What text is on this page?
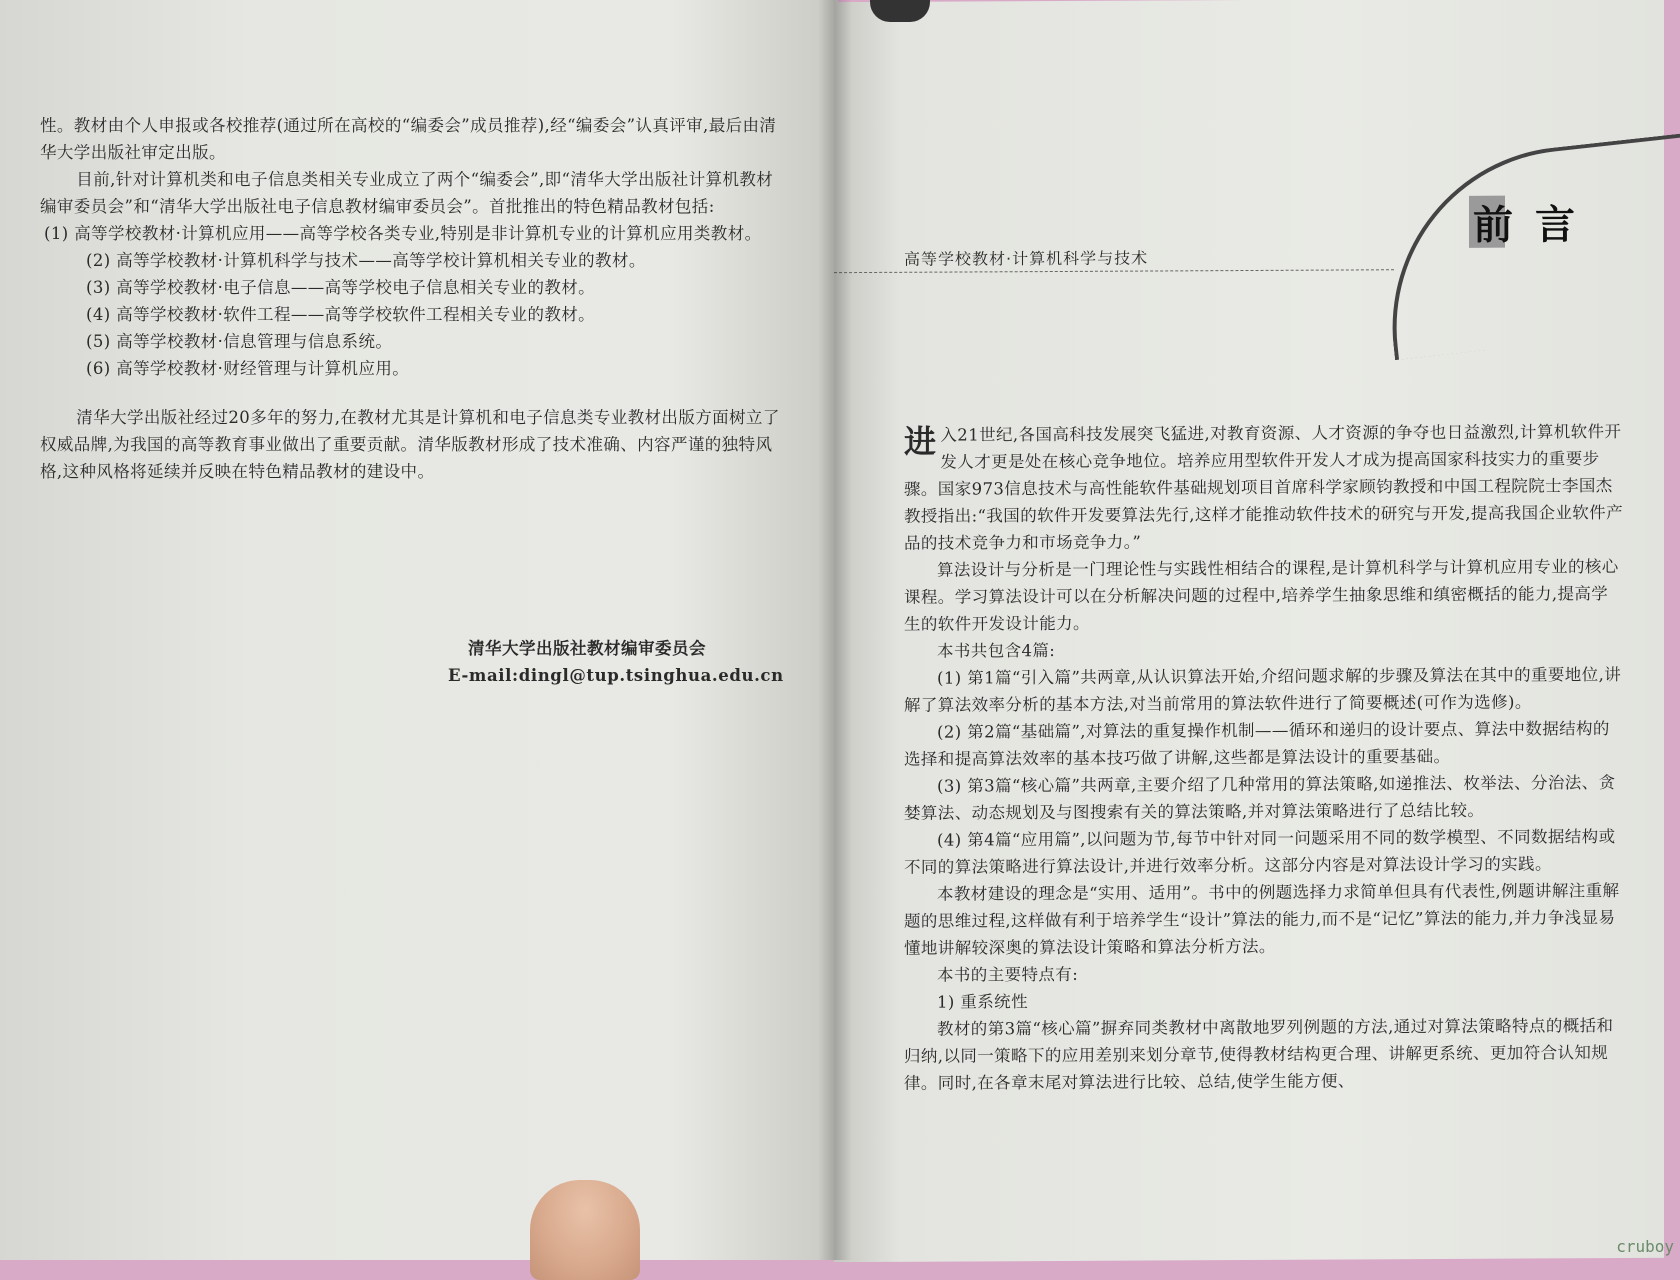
性。教材由个人申报或各校推荐(通过所在高校的“编委会”成员推荐),经“编委会”认真评审,最后由清华大学出版社审定出版。

目前,针对计算机类和电子信息类相关专业成立了两个“编委会”,即“清华大学出版社计算机教材编审委员会”和“清华大学出版社电子信息教材编审委员会”。首批推出的特色精品教材包括:

(1) 高等学校教材·计算机应用——高等学校各类专业,特别是非计算机专业的计算机应用类教材。

(2) 高等学校教材·计算机科学与技术——高等学校计算机相关专业的教材。

(3) 高等学校教材·电子信息——高等学校电子信息相关专业的教材。

(4) 高等学校教材·软件工程——高等学校软件工程相关专业的教材。

(5) 高等学校教材·信息管理与信息系统。

(6) 高等学校教材·财经管理与计算机应用。

清华大学出版社经过20多年的努力,在教材尤其是计算机和电子信息类专业教材出版方面树立了权威品牌,为我国的高等教育事业做出了重要贡献。清华版教材形成了技术准确、内容严谨的独特风格,这种风格将延续并反映在特色精品教材的建设中。

清华大学出版社教材编审委员会
E-mail:dingl@tup.tsinghua.edu.cn
高等学校教材·计算机科学与技术
前言

进入21世纪,各国高科技发展突飞猛进,对教育资源、人才资源的争夺也日益激烈,计算机软件开发人才更是处在核心竞争地位。培养应用型软件开发人才成为提高国家科技实力的重要步骤。国家973信息技术与高性能软件基础规划项目首席科学家顾钧教授和中国工程院院士李国杰教授指出:“我国的软件开发要算法先行,这样才能推动软件技术的研究与开发,提高我国企业软件产品的技术竞争力和市场竞争力。”

算法设计与分析是一门理论性与实践性相结合的课程,是计算机科学与计算机应用专业的核心课程。学习算法设计可以在分析解决问题的过程中,培养学生抽象思维和缜密概括的能力,提高学生的软件开发设计能力。

本书共包含4篇:

(1) 第1篇“引入篇”共两章,从认识算法开始,介绍问题求解的步骤及算法在其中的重要地位,讲解了算法效率分析的基本方法,对当前常用的算法软件进行了简要概述(可作为选修)。

(2) 第2篇“基础篇”,对算法的重复操作机制——循环和递归的设计要点、算法中数据结构的选择和提高算法效率的基本技巧做了讲解,这些都是算法设计的重要基础。

(3) 第3篇“核心篇”共两章,主要介绍了几种常用的算法策略,如递推法、枚举法、分治法、贪婪算法、动态规划及与图搜索有关的算法策略,并对算法策略进行了总结比较。

(4) 第4篇“应用篇”,以问题为节,每节中针对同一问题采用不同的数学模型、不同数据结构或不同的算法策略进行算法设计,并进行效率分析。这部分内容是对算法设计学习的实践。

本教材建设的理念是“实用、适用”。书中的例题选择力求简单但具有代表性,例题讲解注重解题的思维过程,这样做有利于培养学生“设计”算法的能力,而不是“记忆”算法的能力,并力争浅显易懂地讲解较深奥的算法设计策略和算法分析方法。

本书的主要特点有:

1) 重系统性

教材的第3篇“核心篇”摒弃同类教材中离散地罗列例题的方法,通过对算法策略特点的概括和归纳,以同一策略下的应用差别来划分章节,使得教材结构更合理、讲解更系统、更加符合认知规律。同时,在各章末尾对算法进行比较、总结,使学生能方便、

cruboy
